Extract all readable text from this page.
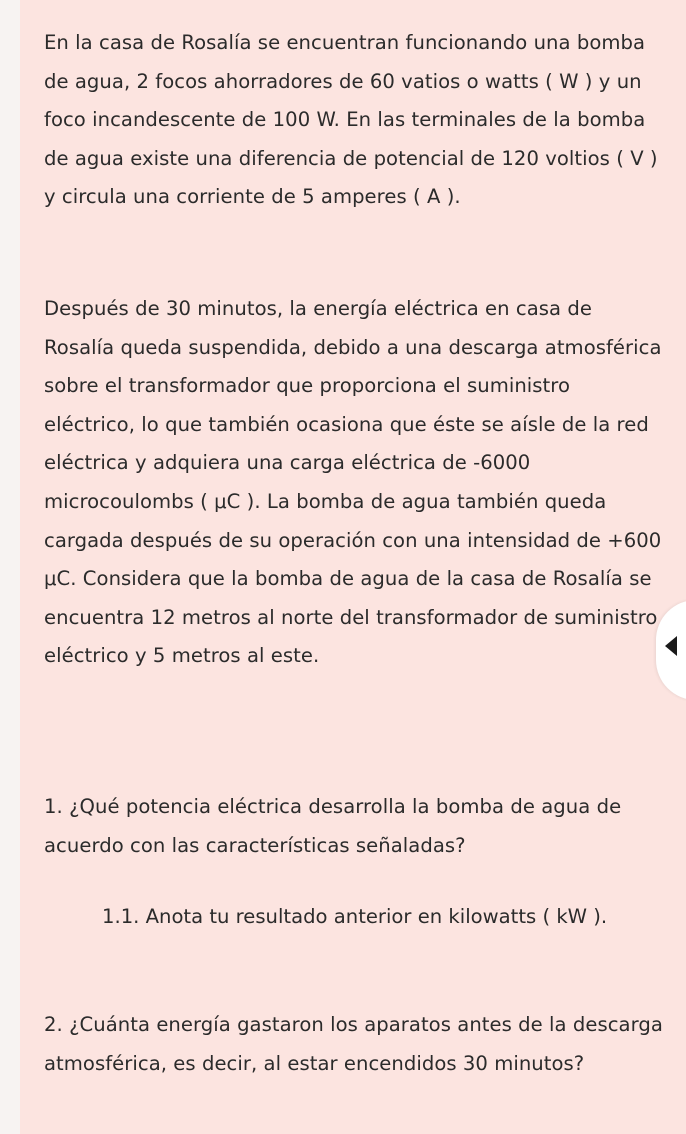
En la casa de Rosalía se encuentran funcionando una bomba de agua, 2 focos ahorradores de 60 vatios o watts ( W ) y un foco incandescente de 100 W. En las terminales de la bomba de agua existe una diferencia de potencial de 120 voltios ( V ) y circula una corriente de 5 amperes ( A ).

Después de 30 minutos, la energía eléctrica en casa de Rosalía queda suspendida, debido a una descarga atmosférica sobre el transformador que proporciona el suministro eléctrico, lo que también ocasiona que éste se aísle de la red eléctrica y adquiera una carga eléctrica de -6000 microcoulombs ( μC ). La bomba de agua también queda cargada después de su operación con una intensidad de +600 μC. Considera que la bomba de agua de la casa de Rosalía se encuentra 12 metros al norte del transformador de suministro eléctrico y 5 metros al este.

1. ¿Qué potencia eléctrica desarrolla la bomba de agua de acuerdo con las características señaladas?

1.1. Anota tu resultado anterior en kilowatts ( kW ).

2. ¿Cuánta energía gastaron los aparatos antes de la descarga atmosférica, es decir, al estar encendidos 30 minutos?
